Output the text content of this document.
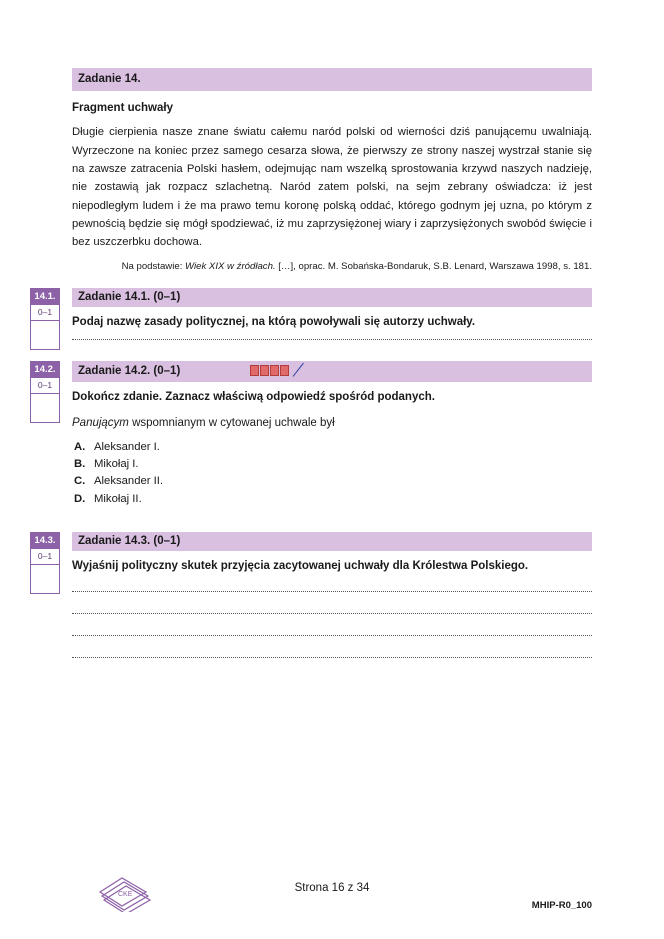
Zadanie 14.
Fragment uchwały

Długie cierpienia nasze znane światu całemu naród polski od wierności dziś panującemu uwalniają. Wyrzeczone na koniec przez samego cesarza słowa, że pierwszy ze strony naszej wystrzał stanie się na zawsze zatracenia Polski hasłem, odejmując nam wszelką sprostowania krzywd naszych nadzieję, nie zostawią jak rozpacz szlachetną. Naród zatem polski, na sejm zebrany oświadcza: iż jest niepodległym ludem i że ma prawo temu koronę polską oddać, którego godnym jej uzna, po którym z pewnością będzie się mógł spodziewać, iż mu zaprzysiężonej wiary i zaprzysiężonych swobód święcie i bez uszczerbku dochowa.

Na podstawie: Wiek XIX w źródłach. […], oprac. M. Sobańska-Bondaruk, S.B. Lenard, Warszawa 1998, s. 181.

14.1.
0–1
Zadanie 14.1. (0–1)
Podaj nazwę zasady politycznej, na którą powoływali się autorzy uchwały.
14.2.
0–1
Zadanie 14.2. (0–1)
Dokończ zdanie. Zaznacz właściwą odpowiedź spośród podanych.
Panującym wspomnianym w cytowanej uchwale był
A. Aleksander I.
B. Mikołaj I.
C. Aleksander II.
D. Mikołaj II.
14.3.
0–1
Zadanie 14.3. (0–1)
Wyjaśnij polityczny skutek przyjęcia zacytowanej uchwały dla Królestwa Polskiego.
CKE
Strona 16 z 34
MHIP-R0_100
